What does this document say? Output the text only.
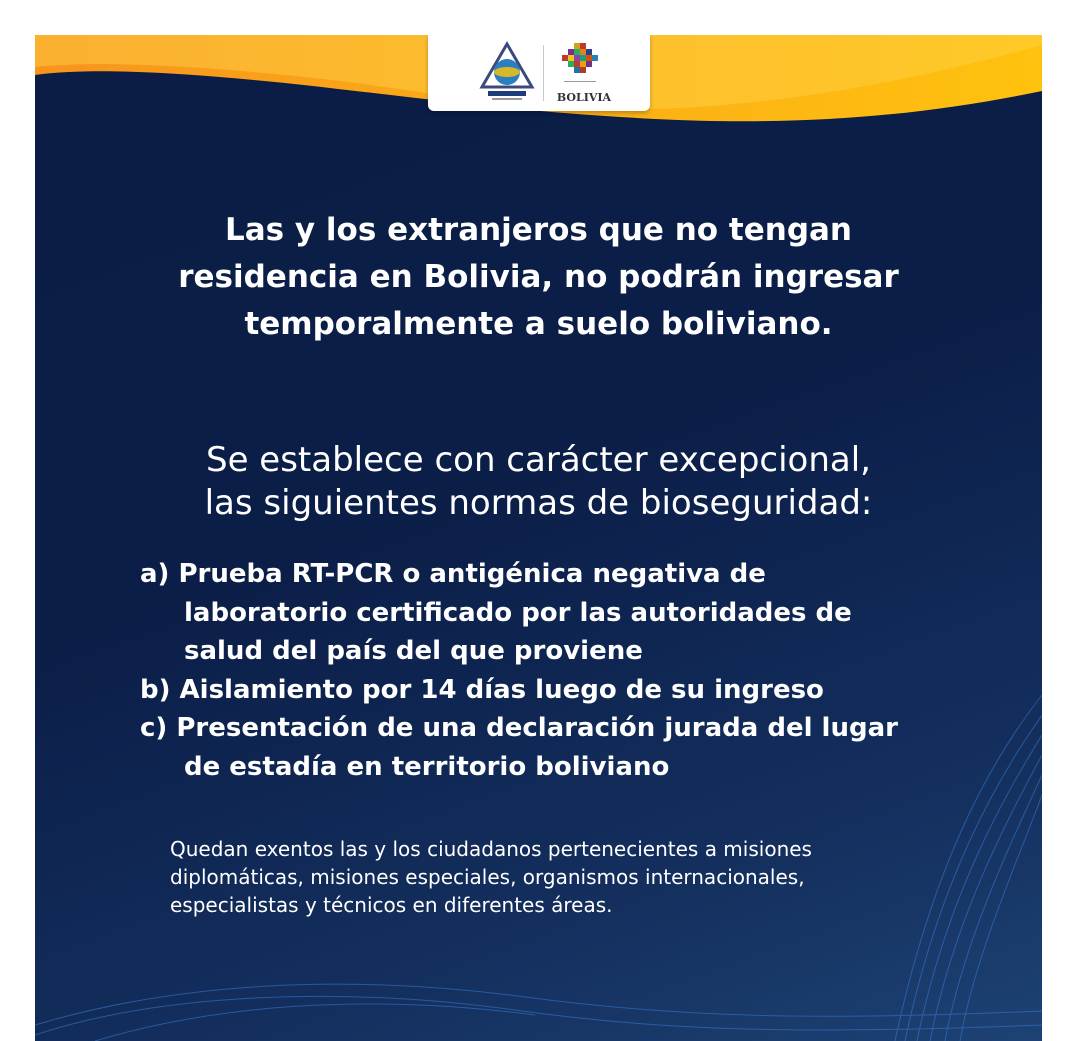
BOLIVIA
Las y los extranjeros que no tengan
residencia en Bolivia, no podrán ingresar
temporalmente a suelo boliviano.

Se establece con carácter excepcional,
las siguientes normas de bioseguridad:

a) Prueba RT-PCR o antigénica negativa de laboratorio certificado por las autoridades de salud del país del que proviene
b) Aislamiento por 14 días luego de su ingreso
c) Presentación de una declaración jurada del lugar de estadía en territorio boliviano

Quedan exentos las y los ciudadanos pertenecientes a misiones
diplomáticas, misiones especiales, organismos internacionales,
especialistas y técnicos en diferentes áreas.
